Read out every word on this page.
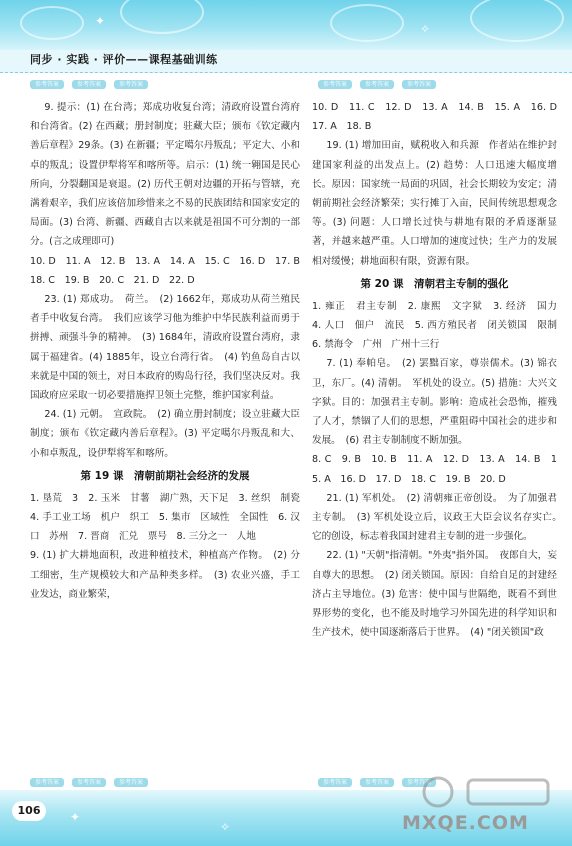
✦
✧
同步 · 实践 · 评价——课程基础训练
参考答案	参考答案	参考答案	参考答案	参考答案	参考答案

9. 提示：(1) 在台湾；郑成功收复台湾；清政府设置台湾府和台湾省。(2) 在西藏；册封制度；驻藏大臣；颁布《钦定藏内善后章程》29条。(3) 在新疆；平定噶尔丹叛乱；平定大、小和卓的叛乱；设置伊犁将军和喀所等。启示：(1) 统一翱国是民心所向，分裂翻国是衰退。(2) 历代王朝对边疆的开拓与管辖，充满着艰辛，我们应该倍加珍惜来之不易的民族团结和国家安定的局面。(3) 台湾、新疆、西藏自古以来就是祖国不可分割的一部分。(言之成理即可)

10. D　11. A　12. B　13. A　14. A　15. C　16. D　17. B　18. C　19. B　20. C　21. D　22. D

23. (1) 郑成功。　荷兰。　(2) 1662年，郑成功从荷兰殖民者手中收复台湾。　我们应该学习他为维护中华民族利益而勇于拼搏、顽强斗争的精神。　(3) 1684年，清政府设置台湾府，隶属于福建省。(4) 1885年，设立台湾行省。　(4) 钓鱼岛自古以来就是中国的领土，对日本政府的购岛行径，我们坚决反对。我国政府应采取一切必要措施捍卫领土完整，维护国家利益。

24. (1) 元朝。　宣政院。　(2) 确立册封制度；设立驻藏大臣制度；颁布《钦定藏内善后章程》。(3) 平定噶尔丹叛乱和大、小和卓叛乱，设伊犁将军和喀所。

第 19 课　清朝前期社会经济的发展

1. 垦荒　3　2. 玉米　甘薯　湖广熟，天下足　3. 丝织　制瓷　4. 手工业工场　机户　织工　5. 集市　区域性　全国性　6. 汉口　苏州　7. 晋商　汇兑　票号　8. 三分之一　人地

9. (1) 扩大耕地面积，改进种植技术，种植高产作物。　(2) 分工细密，生产规模较大和产品种类多样。　(3) 农业兴盛，手工业发达，商业繁荣，

10. D　11. C　12. D　13. A　14. B　15. A　16. D　17. A　18. B

19. (1) 增加田亩，赋税收入和兵源　作者站在维护封建国家利益的出发点上。(2) 趋势：人口迅速大幅度增长。原因：国家统一局面的巩固，社会长期较为安定；清朝前期社会经济繁荣；实行摊丁入亩，民间传统思想观念等。(3) 问题：人口增长过快与耕地有限的矛盾逐渐显著，并越来越严重。人口增加的速度过快；生产力的发展相对缓慢；耕地面积有限，资源有限。

第 20 课　清朝君主专制的强化

1. 雍正　君主专制　2. 康熙　文字狱　3. 经济　国力　4. 人口　佃户　流民　5. 西方殖民者　闭关锁国　限制　6. 禁海令　广州　广州十三行

7. (1) 奉帕皂。　(2) 罢黜百家，尊崇儒术。(3) 锦衣卫，东厂。(4) 清朝。　军机处的设立。(5) 措施：大兴文字狱。目的：加强君主专制。影响：造成社会恐怖，摧残了人才，禁锢了人们的思想，严重阻碍中国社会的进步和发展。　(6) 君主专制制度不断加强。

8. C　9. B　10. B　11. A　12. D　13. A　14. B　15. A　16. D　17. D　18. C　19. B　20. D

21. (1) 军机处。　(2) 清朝雍正帝创设。　为了加强君主专制。　(3) 军机处设立后，议政王大臣会议名存实亡。　它的创设，标志着我国封建君主专制的进一步强化。

22. (1) "天朝"指清朝。"外夷"指外国。　夜郎自大，妄自尊大的思想。　(2) 闭关锁国。原因：自给自足的封建经济占主导地位。(3) 危害：使中国与世隔绝，既看不到世界形势的变化，也不能及时地学习外国先进的科学知识和生产技术，使中国逐渐落后于世界。　(4) "闭关锁国"政

参考答案	参考答案	参考答案	参考答案	参考答案	参考答案
✦
✧
106
MXQE.COM
